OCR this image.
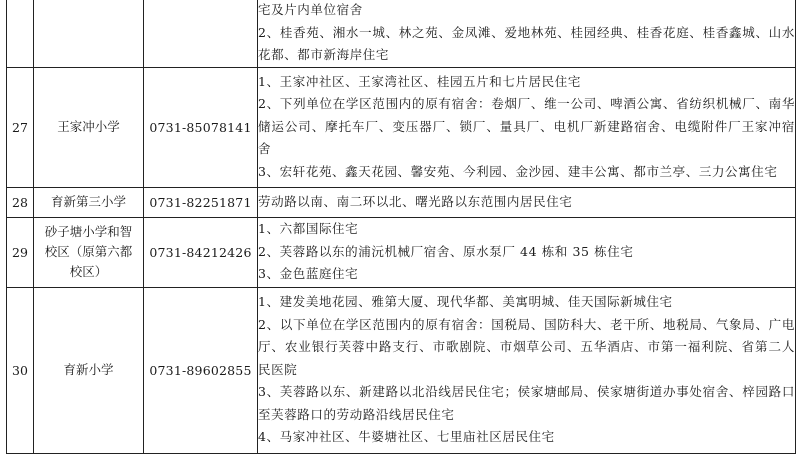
			宅及片内单位宿舍
2、桂香苑、湘水一城、林之苑、金凤滩、爱地林苑、桂园经典、桂香花庭、桂香鑫城、山水花都、都市新海岸住宅

27	王家冲小学	0731-85078141	1、王家冲社区、王家湾社区、桂园五片和七片居民住宅
2、下列单位在学区范围内的原有宿舍：卷烟厂、维一公司、啤酒公寓、省纺织机械厂、南华储运公司、摩托车厂、变压器厂、锁厂、量具厂、电机厂新建路宿舍、电缆附件厂王家冲宿舍
3、宏轩花苑、鑫天花园、馨安苑、今利园、金沙园、建丰公寓、都市兰亭、三力公寓住宅

28	育新第三小学	0731-82251871	劳动路以南、南二环以北、曙光路以东范围内居民住宅

29	砂子塘小学和智校区（原第六都校区）	0731-84212426	1、六都国际住宅
2、芙蓉路以东的浦沅机械厂宿舍、原水泵厂 44 栋和 35 栋住宅
3、金色蓝庭住宅

30	育新小学	0731-89602855	1、建发美地花园、雅第大厦、现代华都、美寓明城、佳天国际新城住宅
2、以下单位在学区范围内的原有宿舍：国税局、国防科大、老干所、地税局、气象局、广电厅、农业银行芙蓉中路支行、市歌剧院、市烟草公司、五华酒店、市第一福利院、省第二人民医院
3、芙蓉路以东、新建路以北沿线居民住宅；侯家塘邮局、侯家塘街道办事处宿舍、梓园路口至芙蓉路口的劳动路沿线居民住宅
4、马家冲社区、牛婆塘社区、七里庙社区居民住宅
